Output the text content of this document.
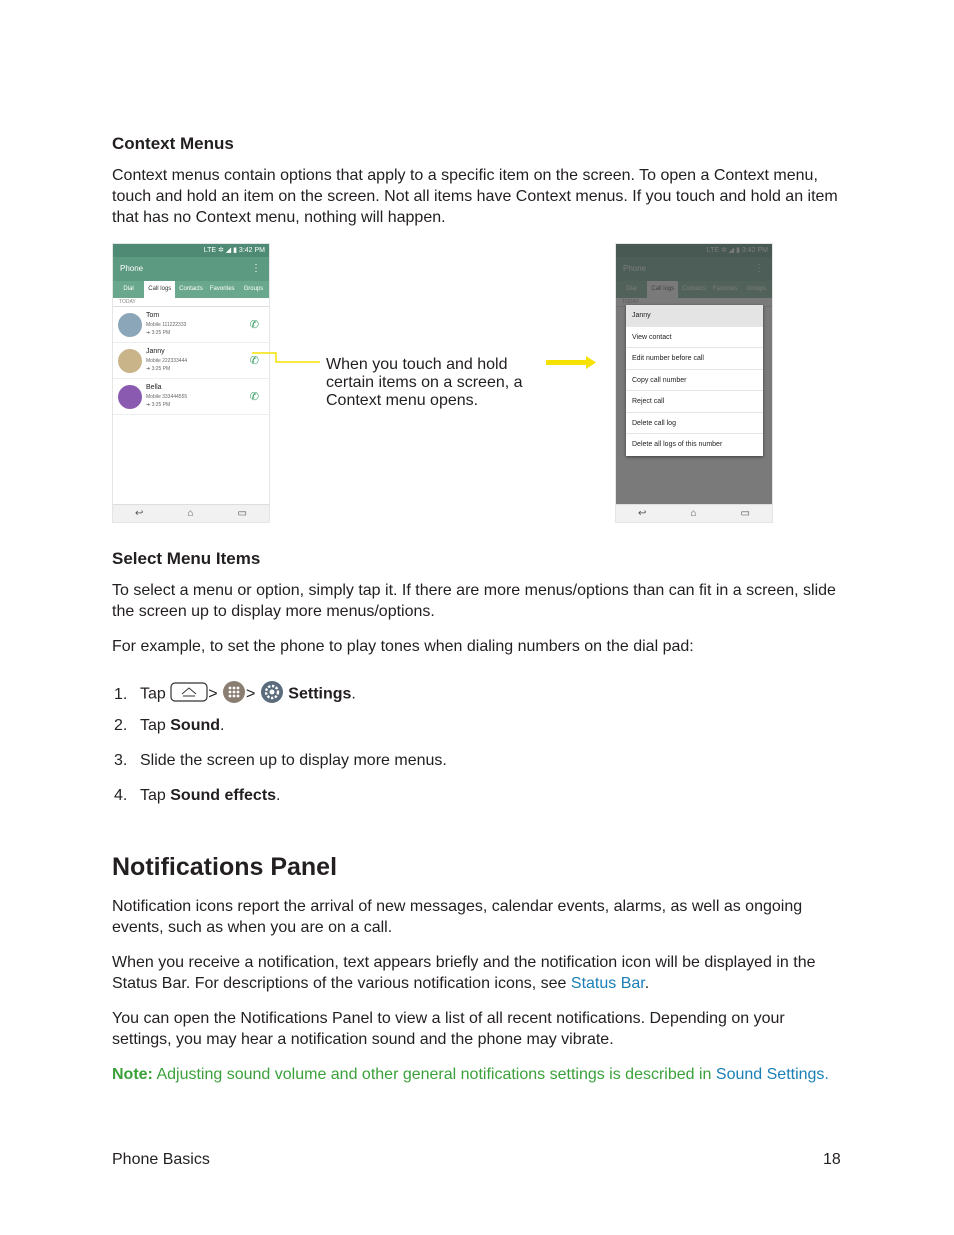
Context Menus
Context menus contain options that apply to a specific item on the screen. To open a Context menu, touch and hold an item on the screen. Not all items have Context menus. If you touch and hold an item that has no Context menu, nothing will happen.
LTE ✲ ◢ ▮ 3:42 PM
Phone	⋮
Dial	Call logs	Contacts	Favorites	Groups
TODAY
Tom
Mobile 111222333
➜ 3:25 PM
✆
Janny
Mobile 222333444
➜ 3:25 PM
✆
Bella
Mobile 333444555
➜ 3:25 PM
✆
↩	⌂	▭
When you touch and hold certain items on a screen, a Context menu opens.
Janny
View contact
Edit number before call
Copy call number
Reject call
Delete call log
Delete all logs of this number
↩	⌂	▭
Select Menu Items
To select a menu or option, simply tap it. If there are more menus/options than can fit in a screen, slide the screen up to display more menus/options.
For example, to set the phone to play tones when dialing numbers on the dial pad:
1. Tap	> > Settings.
2. Tap Sound.
3. Slide the screen up to display more menus.
4. Tap Sound effects.
Notifications Panel
Notification icons report the arrival of new messages, calendar events, alarms, as well as ongoing events, such as when you are on a call.
When you receive a notification, text appears briefly and the notification icon will be displayed in the Status Bar. For descriptions of the various notification icons, see Status Bar.
You can open the Notifications Panel to view a list of all recent notifications. Depending on your settings, you may hear a notification sound and the phone may vibrate.
Note: Adjusting sound volume and other general notifications settings is described in Sound Settings.
Phone Basics	18
